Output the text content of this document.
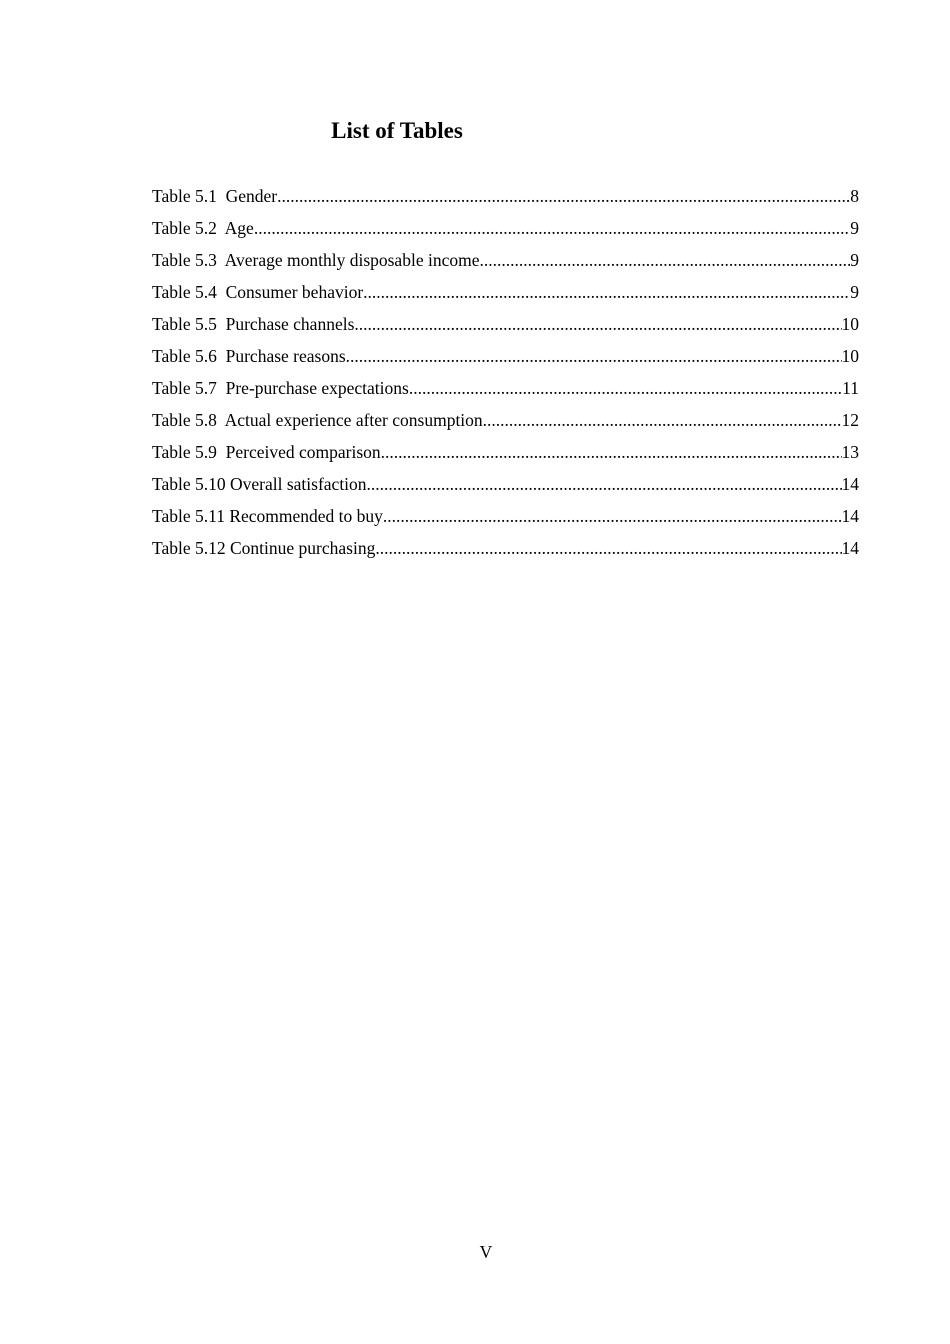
List of Tables
Table 5.1  Gender .....	8
Table 5.2  Age .....	9
Table 5.3  Average monthly disposable income .....	9
Table 5.4  Consumer behavior .....	9
Table 5.5  Purchase channels .....	10
Table 5.6  Purchase reasons .....	10
Table 5.7  Pre-purchase expectations .....	11
Table 5.8  Actual experience after consumption .....	12
Table 5.9  Perceived comparison .....	13
Table 5.10 Overall satisfaction .....	14
Table 5.11 Recommended to buy .....	14
Table 5.12 Continue purchasing .....	14
V
